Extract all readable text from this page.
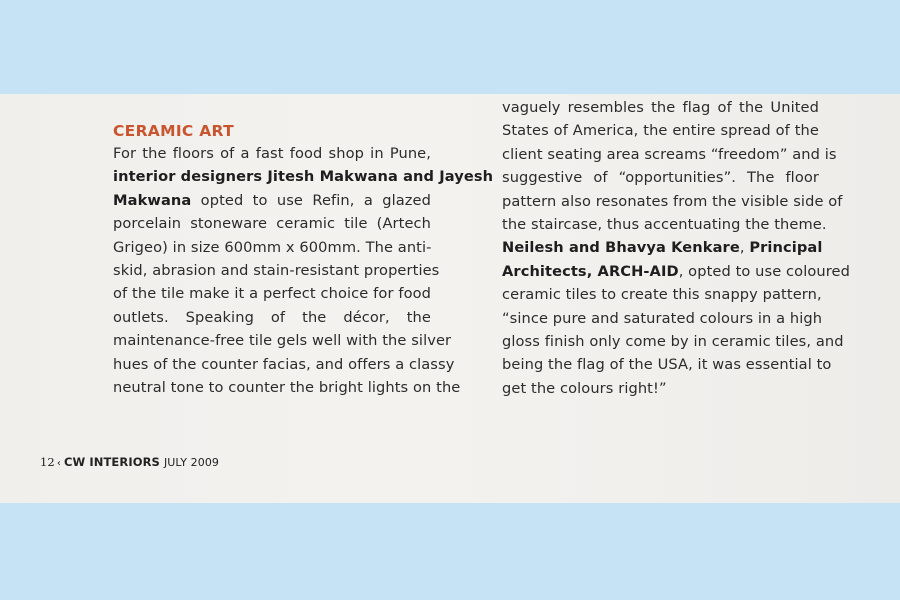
CERAMIC ART
For the floors of a fast food shop in Pune,
interior designers Jitesh Makwana and Jayesh
Makwana opted to use Refin, a glazed
porcelain stoneware ceramic tile (Artech
Grigeo) in size 600mm x 600mm. The anti-
skid, abrasion and stain-resistant properties
of the tile make it a perfect choice for food
outlets. Speaking of the décor, the
maintenance-free tile gels well with the silver
hues of the counter facias, and offers a classy
neutral tone to counter the bright lights on the
vaguely resembles the flag of the United
States of America, the entire spread of the
client seating area screams “freedom” and is
suggestive of “opportunities”. The floor
pattern also resonates from the visible side of
the staircase, thus accentuating the theme.
Neilesh and Bhavya Kenkare, Principal
Architects, ARCH-AID, opted to use coloured
ceramic tiles to create this snappy pattern,
“since pure and saturated colours in a high
gloss finish only come by in ceramic tiles, and
being the flag of the USA, it was essential to
get the colours right!”
12 ‹ CW INTERIORS JULY 2009
